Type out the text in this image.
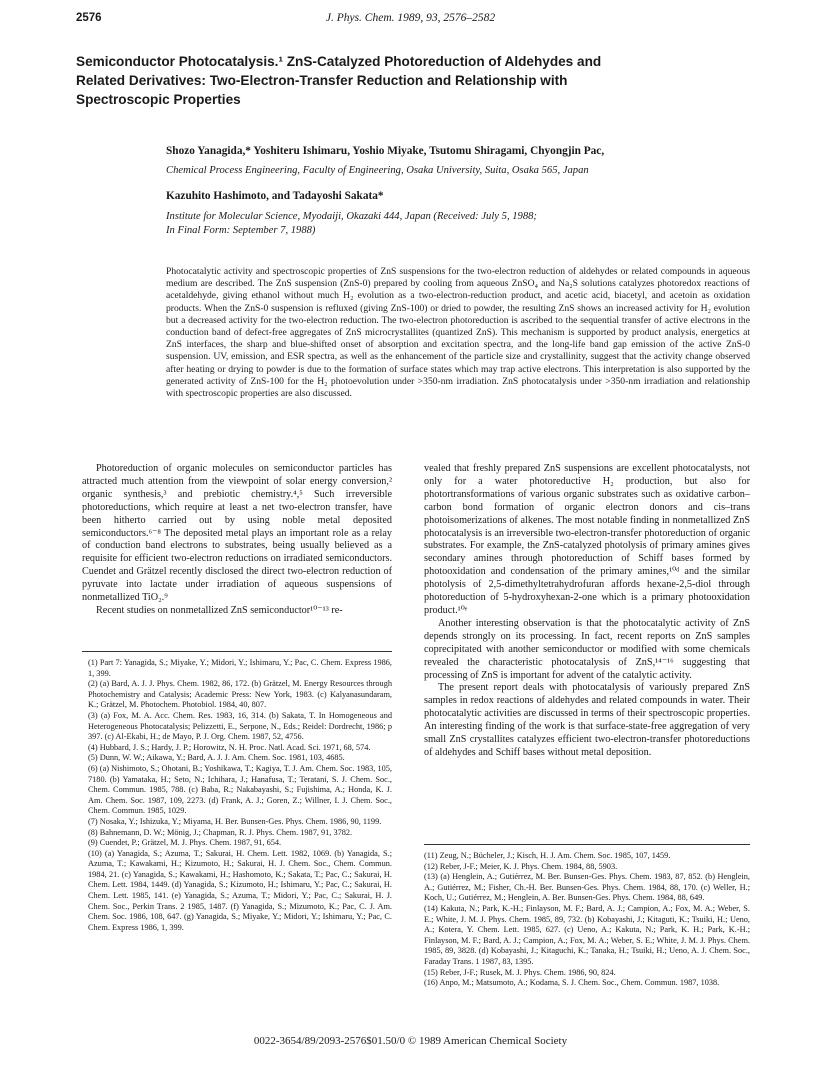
2576	J. Phys. Chem. 1989, 93, 2576–2582
Semiconductor Photocatalysis.¹ ZnS-Catalyzed Photoreduction of Aldehydes and
Related Derivatives: Two-Electron-Transfer Reduction and Relationship with
Spectroscopic Properties
Shozo Yanagida,* Yoshiteru Ishimaru, Yoshio Miyake, Tsutomu Shiragami, Chyongjin Pac,
Chemical Process Engineering, Faculty of Engineering, Osaka University, Suita, Osaka 565, Japan
Kazuhito Hashimoto, and Tadayoshi Sakata*
Institute for Molecular Science, Myodaiji, Okazaki 444, Japan (Received: July 5, 1988;
In Final Form: September 7, 1988)
Photocatalytic activity and spectroscopic properties of ZnS suspensions for the two-electron reduction of aldehydes or related compounds in aqueous medium are described. The ZnS suspension (ZnS-0) prepared by cooling from aqueous ZnSO₄ and Na₂S solutions catalyzes photoredox reactions of acetaldehyde, giving ethanol without much H₂ evolution as a two-electron-reduction product, and acetic acid, biacetyl, and acetoin as oxidation products. When the ZnS-0 suspension is refluxed (giving ZnS-100) or dried to powder, the resulting ZnS shows an increased activity for H₂ evolution but a decreased activity for the two-electron reduction. The two-electron photoreduction is ascribed to the sequential transfer of active electrons in the conduction band of defect-free aggregates of ZnS microcrystallites (quantized ZnS). This mechanism is supported by product analysis, energetics at ZnS interfaces, the sharp and blue-shifted onset of absorption and excitation spectra, and the long-life band gap emission of the active ZnS-0 suspension. UV, emission, and ESR spectra, as well as the enhancement of the particle size and crystallinity, suggest that the activity change observed after heating or drying to powder is due to the formation of surface states which may trap active electrons. This interpretation is also supported by the generated activity of ZnS-100 for the H₂ photoevolution under >350-nm irradiation. ZnS photocatalysis under >350-nm irradiation and relationship with spectroscopic properties are also discussed.

Photoreduction of organic molecules on semiconductor particles has attracted much attention from the viewpoint of solar energy conversion,² organic synthesis,³ and prebiotic chemistry.⁴,⁵ Such irreversible photoreductions, which require at least a net two-electron transfer, have been hitherto carried out by using noble metal deposited semiconductors.⁶⁻⁸ The deposited metal plays an important role as a relay of conduction band electrons to substrates, being usually believed as a requisite for efficient two-electron reductions on irradiated semiconductors. Cuendet and Grätzel recently disclosed the direct two-electron reduction of pyruvate into lactate under irradiation of aqueous suspensions of nonmetallized TiO₂.⁹

Recent studies on nonmetallized ZnS semiconductor¹⁰⁻¹³ re-

vealed that freshly prepared ZnS suspensions are excellent photocatalysts, not only for a water photoreductive H₂ production, but also for photortransformations of various organic substrates such as oxidative carbon–carbon bond formation of organic electron donors and cis–trans photoisomerizations of alkenes. The most notable finding in nonmetallized ZnS photocatalysis is an irreversible two-electron-transfer photoreduction of organic substrates. For example, the ZnS-catalyzed photolysis of primary amines gives secondary amines through photoreduction of Schiff bases formed by photooxidation and condensation of the primary amines,¹⁰ᵈ and the similar photolysis of 2,5-dimethyltetrahydrofuran affords hexane-2,5-diol through photoreduction of 5-hydroxyhexan-2-one which is a primary photooxidation product.¹⁰ᵉ

Another interesting observation is that the photocatalytic activity of ZnS depends strongly on its processing. In fact, recent reports on ZnS samples coprecipitated with another semiconductor or modified with some chemicals revealed the characteristic photocatalysis of ZnS,¹⁴⁻¹⁶ suggesting that processing of ZnS is important for advent of the catalytic activity.

The present report deals with photocatalysis of variously prepared ZnS samples in redox reactions of aldehydes and related compounds in water. Their photocatalytic activities are discussed in terms of their spectroscopic properties. An interesting finding of the work is that surface-state-free aggregation of very small ZnS crystallites catalyzes efficient two-electron-transfer photoreductions of aldehydes and Schiff bases without metal deposition.

(1) Part 7: Yanagida, S.; Miyake, Y.; Midori, Y.; Ishimaru, Y.; Pac, C. Chem. Express 1986, 1, 399.
(2) (a) Bard, A. J. J. Phys. Chem. 1982, 86, 172. (b) Grätzel, M. Energy Resources through Photochemistry and Catalysis; Academic Press: New York, 1983. (c) Kalyanasundaram, K.; Grätzel, M. Photochem. Photobiol. 1984, 40, 807.
(3) (a) Fox, M. A. Acc. Chem. Res. 1983, 16, 314. (b) Sakata, T. In Homogeneous and Heterogeneous Photocatalysis; Pelizzetti, E., Serpone, N., Eds.; Reidel: Dordrecht, 1986; p 397. (c) Al-Ekabi, H.; de Mayo, P. J. Org. Chem. 1987, 52, 4756.
(4) Hubbard, J. S.; Hardy, J. P.; Horowitz, N. H. Proc. Natl. Acad. Sci. 1971, 68, 574.
(5) Dunn, W. W.; Aikawa, Y.; Bard, A. J. J. Am. Chem. Soc. 1981, 103, 4685.
(6) (a) Nishimoto, S.; Ohotani, B.; Yoshikawa, T.; Kagiya, T. J. Am. Chem. Soc. 1983, 105, 7180. (b) Yamataka, H.; Seto, N.; Ichihara, J.; Hanafusa, T.; Teratani, S. J. Chem. Soc., Chem. Commun. 1985, 788. (c) Baba, R.; Nakabayashi, S.; Fujishima, A.; Honda, K. J. Am. Chem. Soc. 1987, 109, 2273. (d) Frank, A. J.; Goren, Z.; Willner, I. J. Chem. Soc., Chem. Commun. 1985, 1029.
(7) Nosaka, Y.; Ishizuka, Y.; Miyama, H. Ber. Bunsen-Ges. Phys. Chem. 1986, 90, 1199.
(8) Bahnemann, D. W.; Mönig, J.; Chapman, R. J. Phys. Chem. 1987, 91, 3782.
(9) Cuendet, P.; Grätzel, M. J. Phys. Chem. 1987, 91, 654.
(10) (a) Yanagida, S.; Azuma, T.; Sakurai, H. Chem. Lett. 1982, 1069. (b) Yanagida, S.; Azuma, T.; Kawakami, H.; Kizumoto, H.; Sakurai, H. J. Chem. Soc., Chem. Commun. 1984, 21. (c) Yanagida, S.; Kawakami, H.; Hashomoto, K.; Sakata, T.; Pac, C.; Sakurai, H. Chem. Lett. 1984, 1449. (d) Yanagida, S.; Kizumoto, H.; Ishimaru, Y.; Pac, C.; Sakurai, H. Chem. Lett. 1985, 141. (e) Yanagida, S.; Azuma, T.; Midori, Y.; Pac, C.; Sakurai, H. J. Chem. Soc., Perkin Trans. 2 1985, 1487. (f) Yanagida, S.; Mizumoto, K.; Pac, C. J. Am. Chem. Soc. 1986, 108, 647. (g) Yanagida, S.; Miyake, Y.; Midori, Y.; Ishimaru, Y.; Pac, C. Chem. Express 1986, 1, 399.
(11) Zeug, N.; Bücheler, J.; Kisch, H. J. Am. Chem. Soc. 1985, 107, 1459.
(12) Reber, J-F.; Meier, K. J. Phys. Chem. 1984, 88, 5903.
(13) (a) Henglein, A.; Gutiérrez, M. Ber. Bunsen-Ges. Phys. Chem. 1983, 87, 852. (b) Henglein, A.; Gutiérrez, M.; Fisher, Ch.-H. Ber. Bunsen-Ges. Phys. Chem. 1984, 88, 170. (c) Weller, H.; Koch, U.; Gutiérrez, M.; Henglein, A. Ber. Bunsen-Ges. Phys. Chem. 1984, 88, 649.
(14) Kakuta, N.; Park, K.-H.; Finlayson, M. F.; Bard, A. J.; Campion, A.; Fox, M. A.; Weber, S. E.; White, J. M. J. Phys. Chem. 1985, 89, 732. (b) Kobayashi, J.; Kitaguti, K.; Tsuiki, H.; Ueno, A.; Kotera, Y. Chem. Lett. 1985, 627. (c) Ueno, A.; Kakuta, N.; Park, K. H.; Park, K.-H.; Finlayson, M. F.; Bard, A. J.; Campion, A.; Fox, M. A.; Weber, S. E.; White, J. M. J. Phys. Chem. 1985, 89, 3828. (d) Kobayashi, J.; Kitaguchi, K.; Tanaka, H.; Tsuiki, H.; Ueno, A. J. Chem. Soc., Faraday Trans. 1 1987, 83, 1395.
(15) Reber, J-F.; Rusek, M. J. Phys. Chem. 1986, 90, 824.
(16) Anpo, M.; Matsumoto, A.; Kodama, S. J. Chem. Soc., Chem. Commun. 1987, 1038.
0022-3654/89/2093-2576$01.50/0 © 1989 American Chemical Society
